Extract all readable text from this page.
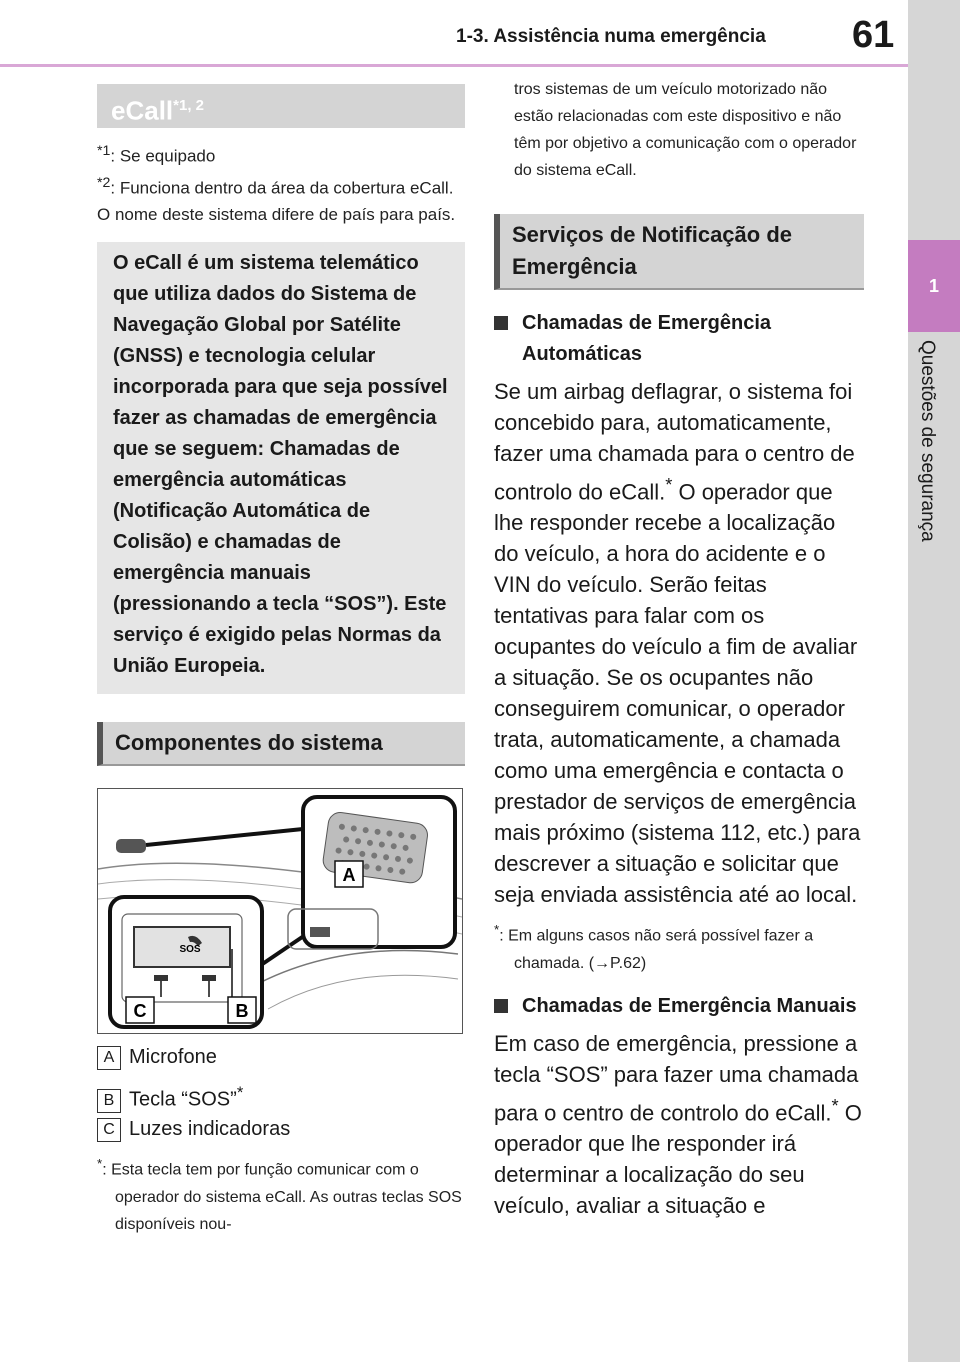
1-3. Assistência numa emergência 61
1
Questões de segurança
eCall$^{*1, 2}$
$^{*1}$: Se equipado
$^{*2}$: Funciona dentro da área da cobertura eCall. O nome deste sistema difere de país para país.
O eCall é um sistema telemático que utiliza dados do Sistema de Navegação Global por Satélite (GNSS) e tecnologia celular incorporada para que seja possível fazer as chamadas de emergência que se seguem: Chamadas de emergência automáticas (Notificação Automática de Colisão) e chamadas de emergência manuais (pressionando a tecla “SOS”). Este serviço é exigido pelas Normas da União Europeia.
Componentes do sistema
A
SOS
C	B
A Microfone
B Tecla “SOS”*
C Luzes indicadoras
*: Esta tecla tem por função comunicar com o operador do sistema eCall. As outras teclas SOS disponíveis nou-
tros sistemas de um veículo motorizado não estão relacionadas com este dispositivo e não têm por objetivo a comunicação com o operador do sistema eCall.
Serviços de Notificação de Emergência
Chamadas de Emergência Automáticas
Se um airbag deflagrar, o sistema foi concebido para, automaticamente, fazer uma chamada para o centro de controlo do eCall.* O operador que lhe responder recebe a localização do veículo, a hora do acidente e o VIN do veículo. Serão feitas tentativas para falar com os ocupantes do veículo a fim de avaliar a situação. Se os ocupantes não conseguirem comunicar, o operador trata, automaticamente, a chamada como uma emergência e contacta o prestador de serviços de emergência mais próximo (sistema 112, etc.) para descrever a situação e solicitar que seja enviada assistência até ao local.
*: Em alguns casos não será possível fazer a chamada. (→P.62)
Chamadas de Emergência Manuais
Em caso de emergência, pressione a tecla “SOS” para fazer uma chamada para o centro de controlo do eCall.* O operador que lhe responder irá determinar a localização do seu veículo, avaliar a situação e
